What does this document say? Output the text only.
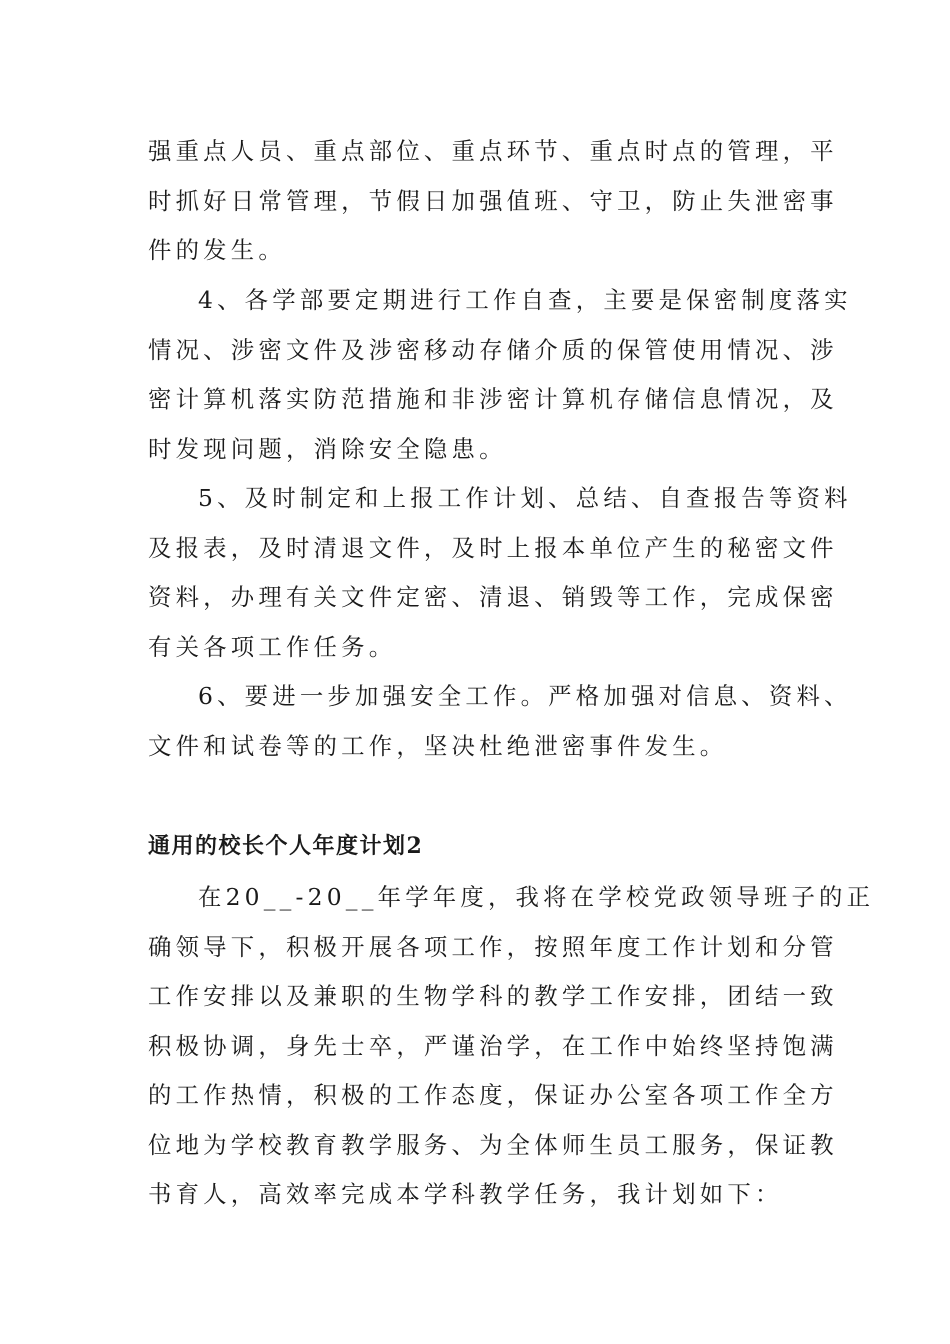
强重点人员、重点部位、重点环节、重点时点的管理，平
时抓好日常管理，节假日加强值班、守卫，防止失泄密事
件的发生。
4、各学部要定期进行工作自查，主要是保密制度落实
情况、涉密文件及涉密移动存储介质的保管使用情况、涉
密计算机落实防范措施和非涉密计算机存储信息情况，及
时发现问题，消除安全隐患。
5、及时制定和上报工作计划、总结、自查报告等资料
及报表，及时清退文件，及时上报本单位产生的秘密文件
资料，办理有关文件定密、清退、销毁等工作，完成保密
有关各项工作任务。
6、要进一步加强安全工作。严格加强对信息、资料、
文件和试卷等的工作，坚决杜绝泄密事件发生。
通用的校长个人年度计划2
在20__-20__年学年度，我将在学校党政领导班子的正
确领导下，积极开展各项工作，按照年度工作计划和分管
工作安排以及兼职的生物学科的教学工作安排，团结一致
积极协调，身先士卒，严谨治学，在工作中始终坚持饱满
的工作热情，积极的工作态度，保证办公室各项工作全方
位地为学校教育教学服务、为全体师生员工服务，保证教
书育人，高效率完成本学科教学任务，我计划如下：
